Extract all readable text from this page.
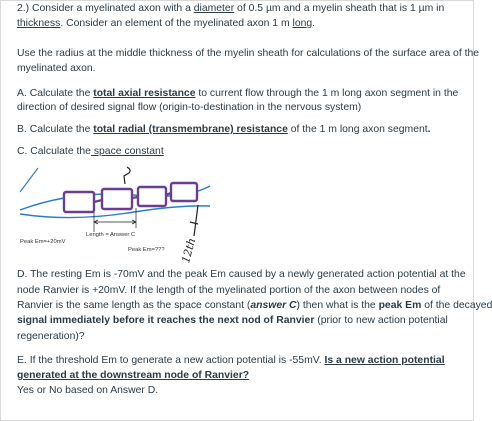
2.) Consider a myelinated axon with a diameter of 0.5 µm and a myelin sheath that is 1 µm in
thickness. Consider an element of the myelinated axon 1 m long.
Use the radius at the middle thickness of the myelin sheath for calculations of the surface area of the
myelinated axon.
A. Calculate the total axial resistance to current flow through the 1 m long axon segment in the
direction of desired signal flow (origin-to-destination in the nervous system)
B. Calculate the total radial (transmembrane) resistance of the 1 m long axon segment.
C. Calculate the space constant
Length = Answer C
Peak Em=+20mV
Peak Em=??? 12th
D. The resting Em is -70mV and the peak Em caused by a newly generated action potential at the
node Ranvier is +20mV. If the length of the myelinated portion of the axon between nodes of
Ranvier is the same length as the space constant (answer C) then what is the peak Em of the decayed
signal immediately before it reaches the next nod of Ranvier (prior to new action potential
regeneration)?
E. If the threshold Em to generate a new action potential is -55mV. Is a new action potential
generated at the downstream node of Ranvier?
Yes or No based on Answer D.
